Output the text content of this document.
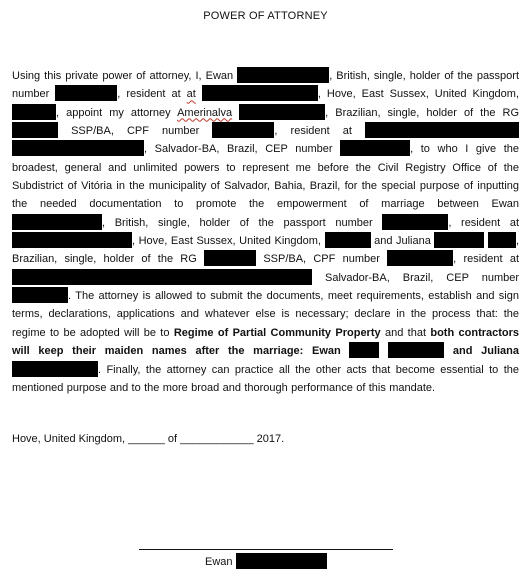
POWER OF ATTORNEY
Using this private power of attorney, I, Ewan	, British, single, holder of the passport number	, resident at at	, Hove, East Sussex, United Kingdom, , appoint my attorney Amerinalva	, Brazilian, single, holder of the RG  SSP/BA, CPF number	, resident at  , Salvador-BA, Brazil, CEP number	, to who I give the broadest, general and unlimited powers to represent me before the Civil Registry Office of the Subdistrict of Vitória in the municipality of Salvador, Bahia, Brazil, for the special purpose of inputting the needed documentation to promote the empowerment of marriage between Ewan , British, single, holder of the passport number	, resident at , Hove, East Sussex, United Kingdom,	and Juliana	, Brazilian, single, holder of the RG	SSP/BA, CPF number	, resident at  Salvador-BA, Brazil, CEP number . The attorney is allowed to submit the documents, meet requirements, establish and sign terms, declarations, applications and whatever else is necessary; declare in the process that: the regime to be adopted will be to Regime of Partial Community Property and that both contractors will keep their maiden names after the marriage: Ewan	and Juliana . Finally, the attorney can practice all the other acts that become essential to the mentioned purpose and to the more broad and thorough performance of this mandate.
Hove, United Kingdom, ______ of ____________ 2017.
Ewan
